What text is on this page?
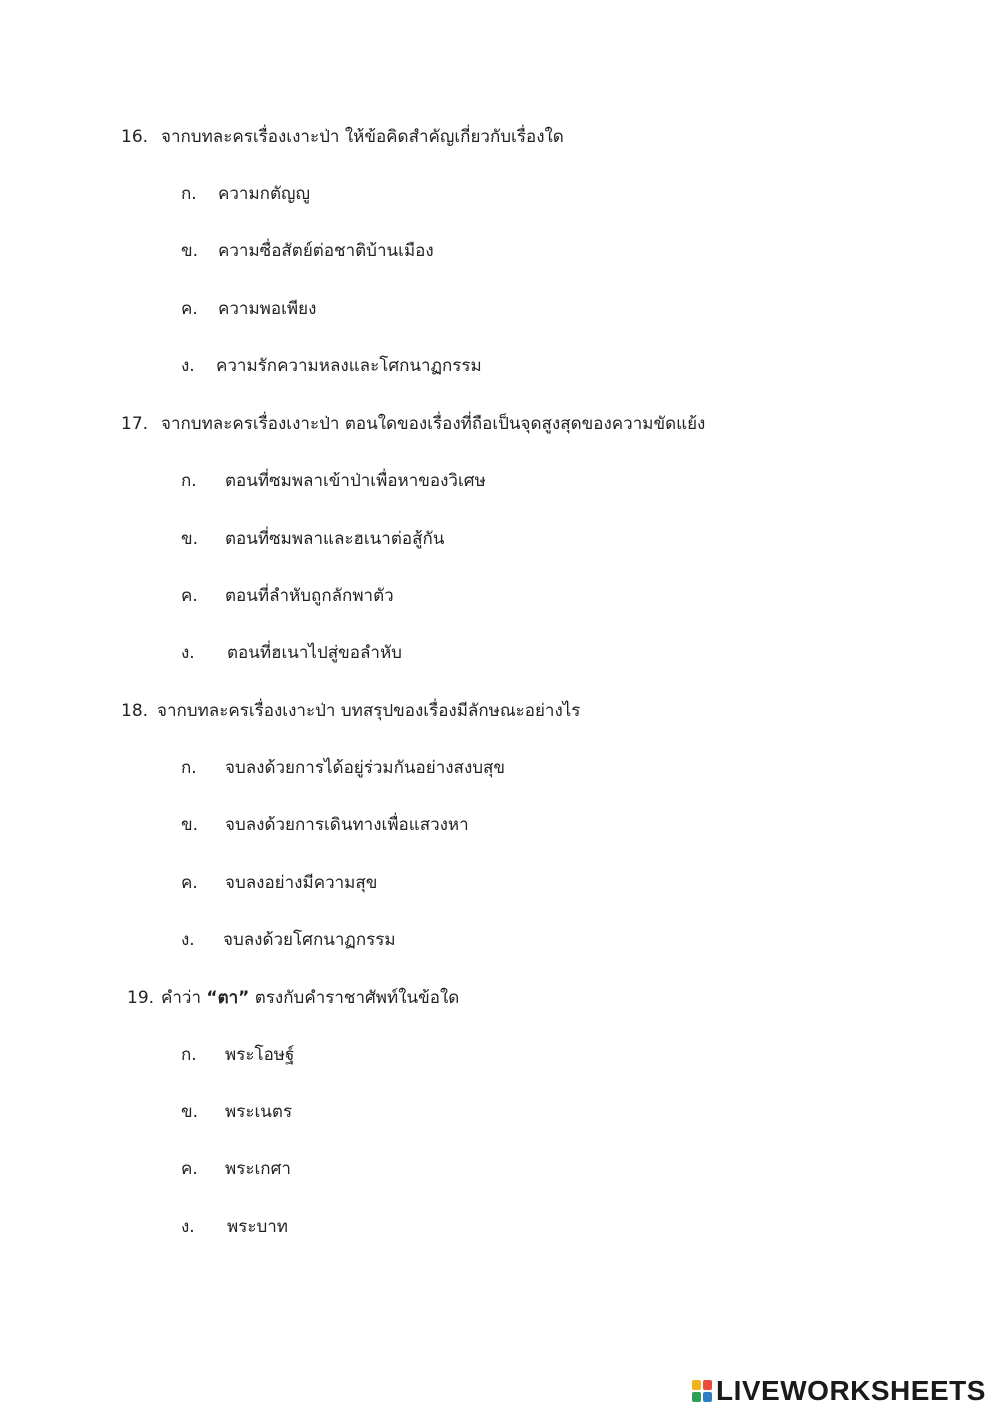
16. จากบทละครเรื่องเงาะป่า ให้ข้อคิดสำคัญเกี่ยวกับเรื่องใด
ก. ความกตัญญู
ข. ความซื่อสัตย์ต่อชาติบ้านเมือง
ค. ความพอเพียง
ง. ความรักความหลงและโศกนาฏกรรม
17. จากบทละครเรื่องเงาะป่า ตอนใดของเรื่องที่ถือเป็นจุดสูงสุดของความขัดแย้ง
ก. ตอนที่ซมพลาเข้าป่าเพื่อหาของวิเศษ
ข. ตอนที่ซมพลาและฮเนาต่อสู้กัน
ค. ตอนที่ลำหับถูกลักพาตัว
ง. ตอนที่ฮเนาไปสู่ขอลำหับ
18. จากบทละครเรื่องเงาะป่า บทสรุปของเรื่องมีลักษณะอย่างไร
ก. จบลงด้วยการได้อยู่ร่วมกันอย่างสงบสุข
ข. จบลงด้วยการเดินทางเพื่อแสวงหา
ค. จบลงอย่างมีความสุข
ง. จบลงด้วยโศกนาฏกรรม
19. คำว่า “ตา” ตรงกับคำราชาศัพท์ในข้อใด
ก. พระโอษฐ์
ข. พระเนตร
ค. พระเกศา
ง. พระบาท
LIVEWORKSHEETS
